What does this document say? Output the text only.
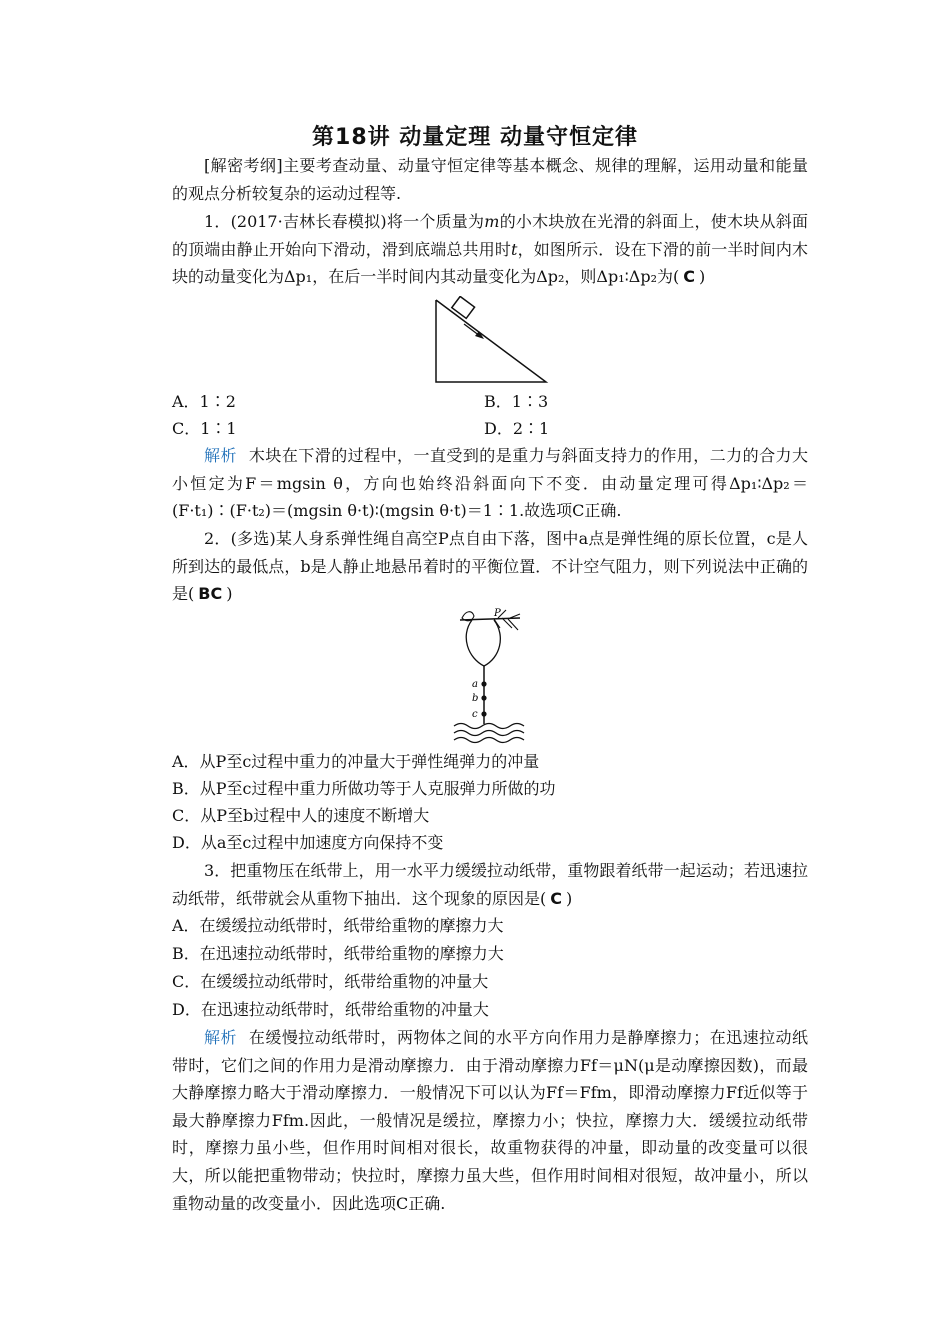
第18讲 动量定理 动量守恒定律

[解密考纲]主要考查动量、动量守恒定律等基本概念、规律的理解，运用动量和能量的观点分析较复杂的运动过程等.

1．(2017·吉林长春模拟)将一个质量为m的小木块放在光滑的斜面上，使木块从斜面的顶端由静止开始向下滑动，滑到底端总共用时t，如图所示．设在下滑的前一半时间内木块的动量变化为Δp₁，在后一半时间内其动量变化为Δp₂，则Δp₁∶Δp₂为( C )

A．1∶2	B．1∶3
C．1∶1	D．2∶1

解析 木块在下滑的过程中，一直受到的是重力与斜面支持力的作用，二力的合力大小恒定为F＝mgsin θ，方向也始终沿斜面向下不变．由动量定理可得Δp₁∶Δp₂＝(F·t₁)∶(F·t₂)＝(mgsin θ·t)∶(mgsin θ·t)＝1∶1.故选项C正确.

2．(多选)某人身系弹性绳自高空P点自由下落，图中a点是弹性绳的原长位置，c是人所到达的最低点，b是人静止地悬吊着时的平衡位置．不计空气阻力，则下列说法中正确的是( BC )

P
a
b
c
A．从P至c过程中重力的冲量大于弹性绳弹力的冲量
B．从P至c过程中重力所做功等于人克服弹力所做的功
C．从P至b过程中人的速度不断增大
D．从a至c过程中加速度方向保持不变

3．把重物压在纸带上，用一水平力缓缓拉动纸带，重物跟着纸带一起运动；若迅速拉动纸带，纸带就会从重物下抽出．这个现象的原因是( C )

A．在缓缓拉动纸带时，纸带给重物的摩擦力大
B．在迅速拉动纸带时，纸带给重物的摩擦力大
C．在缓缓拉动纸带时，纸带给重物的冲量大
D．在迅速拉动纸带时，纸带给重物的冲量大

解析 在缓慢拉动纸带时，两物体之间的水平方向作用力是静摩擦力；在迅速拉动纸带时，它们之间的作用力是滑动摩擦力．由于滑动摩擦力Ff＝μN(μ是动摩擦因数)，而最大静摩擦力略大于滑动摩擦力．一般情况下可以认为Ff＝Ffm，即滑动摩擦力Ff近似等于最大静摩擦力Ffm.因此，一般情况是缓拉，摩擦力小；快拉，摩擦力大．缓缓拉动纸带时，摩擦力虽小些，但作用时间相对很长，故重物获得的冲量，即动量的改变量可以很大，所以能把重物带动；快拉时，摩擦力虽大些，但作用时间相对很短，故冲量小，所以重物动量的改变量小．因此选项C正确.
